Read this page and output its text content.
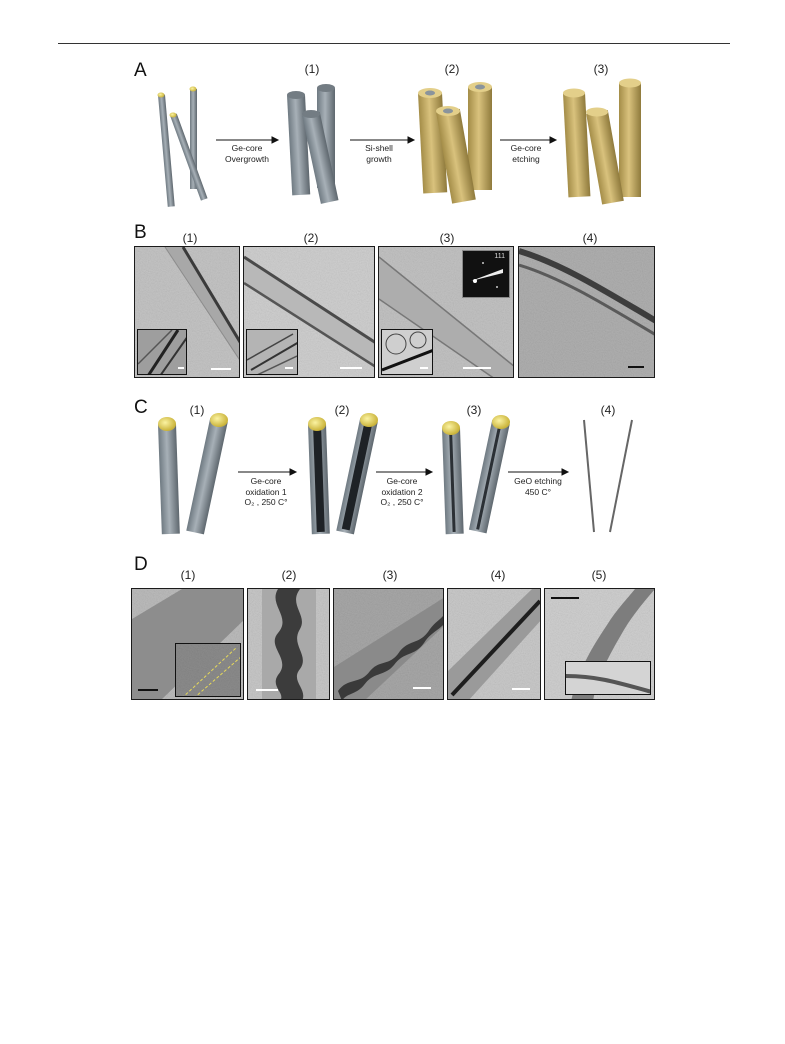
A	(1)	(2)	(3)
Ge-core
Overgrowth
Si-shell
growth
Ge-core
etching
B	(1)	(2)	(3)	(4)
111
C	(1)	(2)	(3)	(4)
Ge-core
oxidation 1
O₂ , 250 C°
Ge-core
oxidation 2
O₂ , 250 C°
GeO etching
450 C°
D	(1)	(2)	(3)	(4)	(5)
